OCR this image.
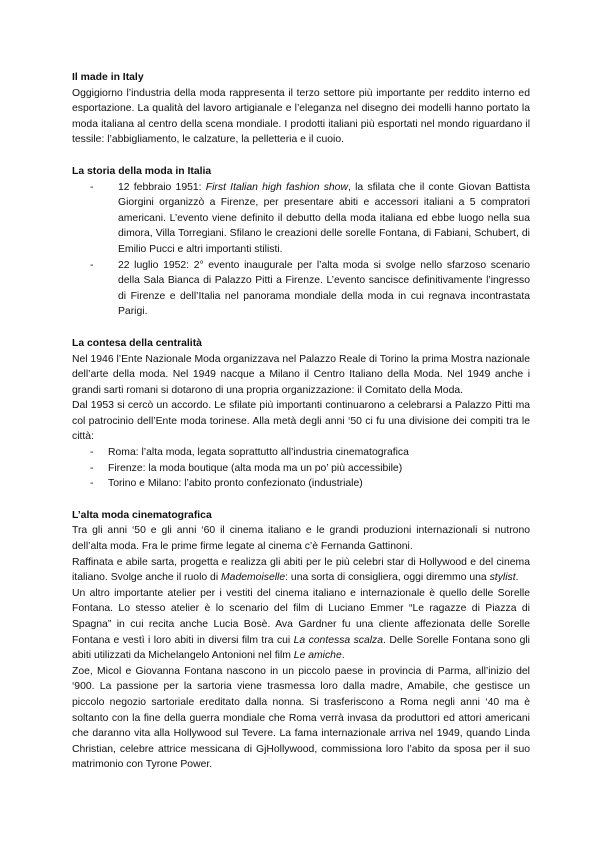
Il made in Italy

Oggigiorno l’industria della moda rappresenta il terzo settore più importante per reddito interno ed esportazione. La qualità del lavoro artigianale e l’eleganza nel disegno dei modelli hanno portato la moda italiana al centro della scena mondiale. I prodotti italiani più esportati nel mondo riguardano il tessile: l’abbigliamento, le calzature, la pelletteria e il cuoio.

La storia della moda in Italia

- 12 febbraio 1951: First Italian high fashion show, la sfilata che il conte Giovan Battista Giorgini organizzò a Firenze, per presentare abiti e accessori italiani a 5 compratori americani. L’evento viene definito il debutto della moda italiana ed ebbe luogo nella sua dimora, Villa Torregiani. Sfilano le creazioni delle sorelle Fontana, di Fabiani, Schubert, di Emilio Pucci e altri importanti stilisti.
- 22 luglio 1952: 2° evento inaugurale per l’alta moda si svolge nello sfarzoso scenario della Sala Bianca di Palazzo Pitti a Firenze. L’evento sancisce definitivamente l’ingresso di Firenze e dell’Italia nel panorama mondiale della moda in cui regnava incontrastata Parigi.

La contesa della centralità

Nel 1946 l’Ente Nazionale Moda organizzava nel Palazzo Reale di Torino la prima Mostra nazionale dell’arte della moda. Nel 1949 nacque a Milano il Centro Italiano della Moda. Nel 1949 anche i grandi sarti romani si dotarono di una propria organizzazione: il Comitato della Moda.

Dal 1953 si cercò un accordo. Le sfilate più importanti continuarono a celebrarsi a Palazzo Pitti ma col patrocinio dell’Ente moda torinese. Alla metà degli anni ‘50 ci fu una divisione dei compiti tra le città:

- Roma: l’alta moda, legata soprattutto all’industria cinematografica
- Firenze: la moda boutique (alta moda ma un po’ più accessibile)
- Torino e Milano: l’abito pronto confezionato (industriale)

L’alta moda cinematografica

Tra gli anni ‘50 e gli anni ‘60 il cinema italiano e le grandi produzioni internazionali si nutrono dell’alta moda. Fra le prime firme legate al cinema c’è Fernanda Gattinoni.

Raffinata e abile sarta, progetta e realizza gli abiti per le più celebri star di Hollywood e del cinema italiano. Svolge anche il ruolo di Mademoiselle: una sorta di consigliera, oggi diremmo una stylist.

Un altro importante atelier per i vestiti del cinema italiano e internazionale è quello delle Sorelle Fontana. Lo stesso atelier è lo scenario del film di Luciano Emmer “Le ragazze di Piazza di Spagna” in cui recita anche Lucia Bosè. Ava Gardner fu una cliente affezionata delle Sorelle Fontana e vestì i loro abiti in diversi film tra cui La contessa scalza. Delle Sorelle Fontana sono gli abiti utilizzati da Michelangelo Antonioni nel film Le amiche.

Zoe, Micol e Giovanna Fontana nascono in un piccolo paese in provincia di Parma, all’inizio del ‘900. La passione per la sartoria viene trasmessa loro dalla madre, Amabile, che gestisce un piccolo negozio sartoriale ereditato dalla nonna. Si trasferiscono a Roma negli anni ‘40 ma è soltanto con la fine della guerra mondiale che Roma verrà invasa da produttori ed attori americani che daranno vita alla Hollywood sul Tevere. La fama internazionale arriva nel 1949, quando Linda Christian, celebre attrice messicana di GjHollywood, commissiona loro l’abito da sposa per il suo matrimonio con Tyrone Power.
